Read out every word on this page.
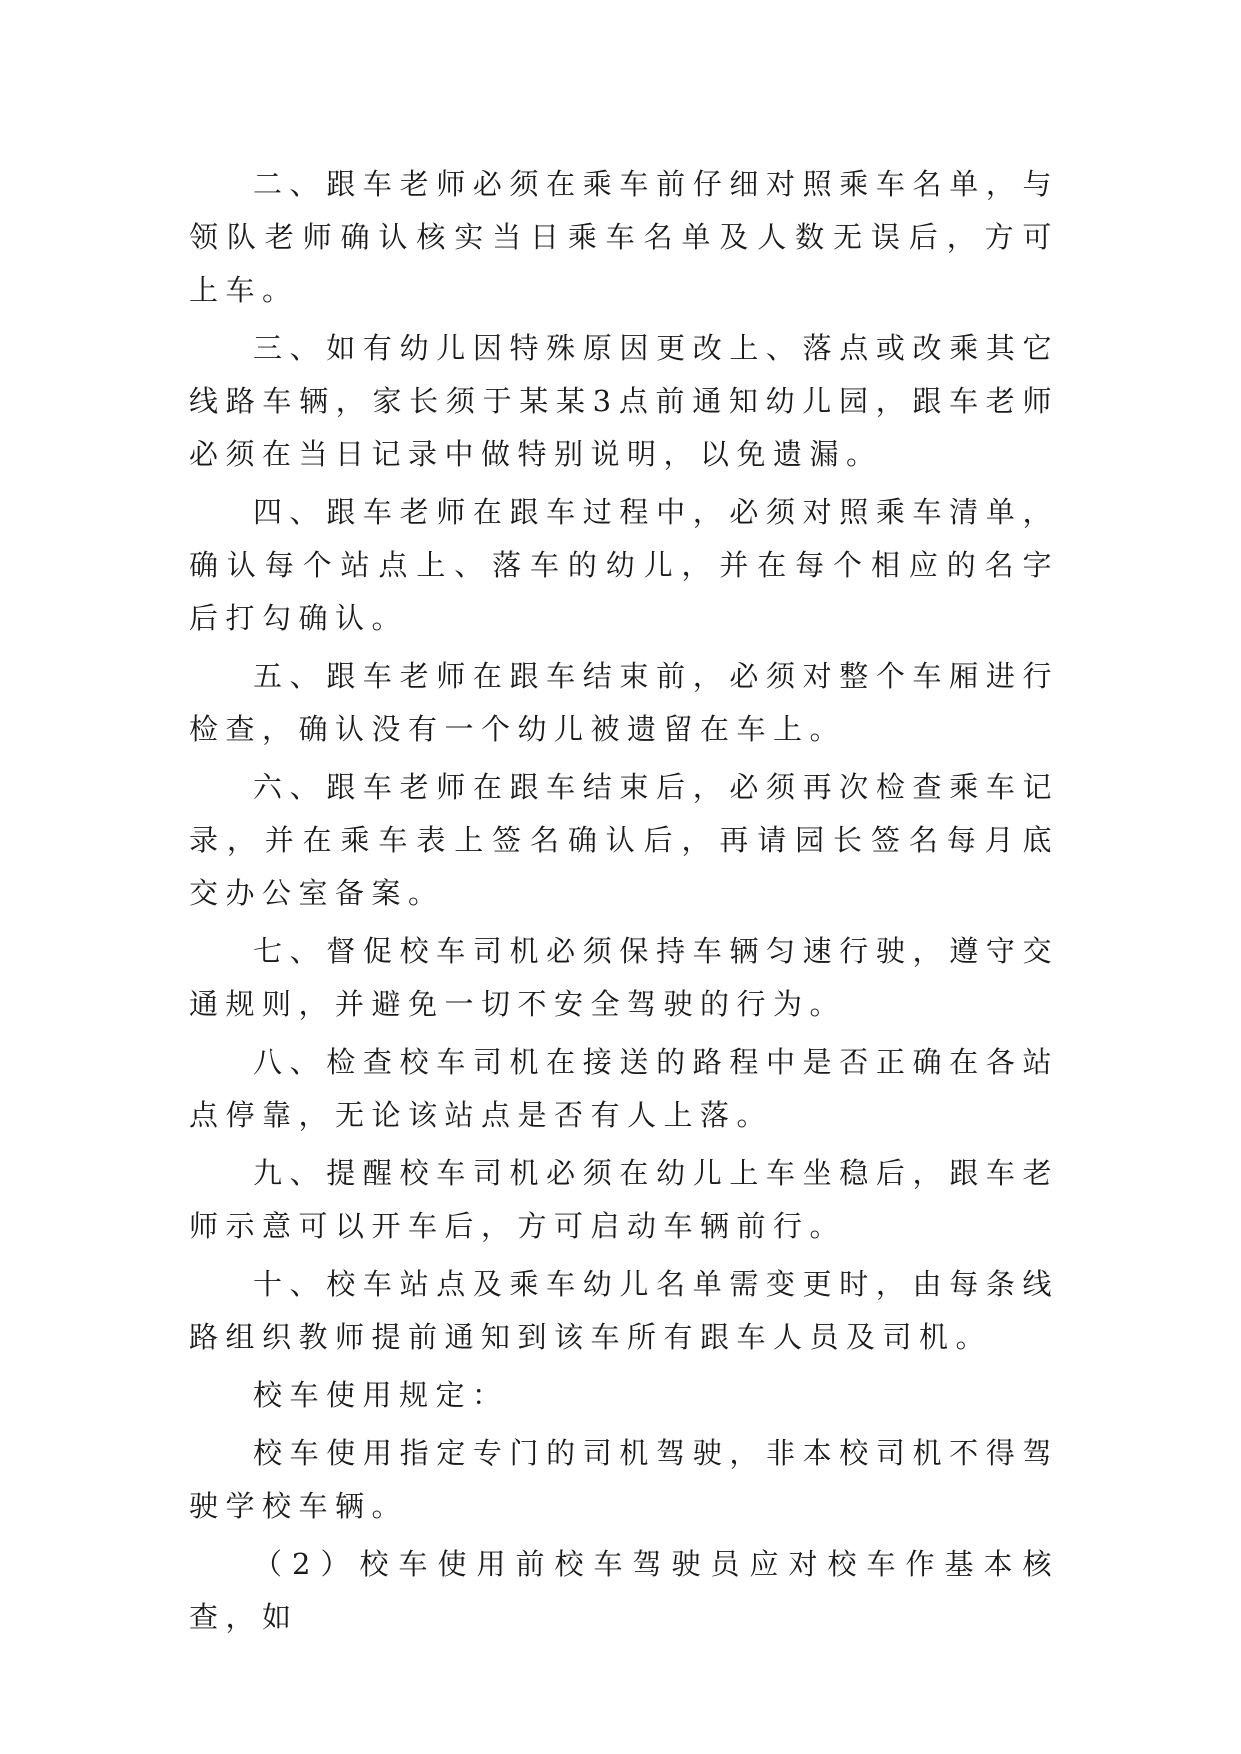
二、跟车老师必须在乘车前仔细对照乘车名单，与领队老师确认核实当日乘车名单及人数无误后，方可上车。

三、如有幼儿因特殊原因更改上、落点或改乘其它线路车辆，家长须于某某3点前通知幼儿园，跟车老师必须在当日记录中做特别说明，以免遗漏。

四、跟车老师在跟车过程中，必须对照乘车清单，确认每个站点上、落车的幼儿，并在每个相应的名字后打勾确认。

五、跟车老师在跟车结束前，必须对整个车厢进行检查，确认没有一个幼儿被遗留在车上。

六、跟车老师在跟车结束后，必须再次检查乘车记录，并在乘车表上签名确认后，再请园长签名每月底交办公室备案。

七、督促校车司机必须保持车辆匀速行驶，遵守交通规则，并避免一切不安全驾驶的行为。

八、检查校车司机在接送的路程中是否正确在各站点停靠，无论该站点是否有人上落。

九、提醒校车司机必须在幼儿上车坐稳后，跟车老师示意可以开车后，方可启动车辆前行。

十、校车站点及乘车幼儿名单需变更时，由每条线路组织教师提前通知到该车所有跟车人员及司机。

校车使用规定：

校车使用指定专门的司机驾驶，非本校司机不得驾驶学校车辆。

（2）校车使用前校车驾驶员应对校车作基本核查，如
